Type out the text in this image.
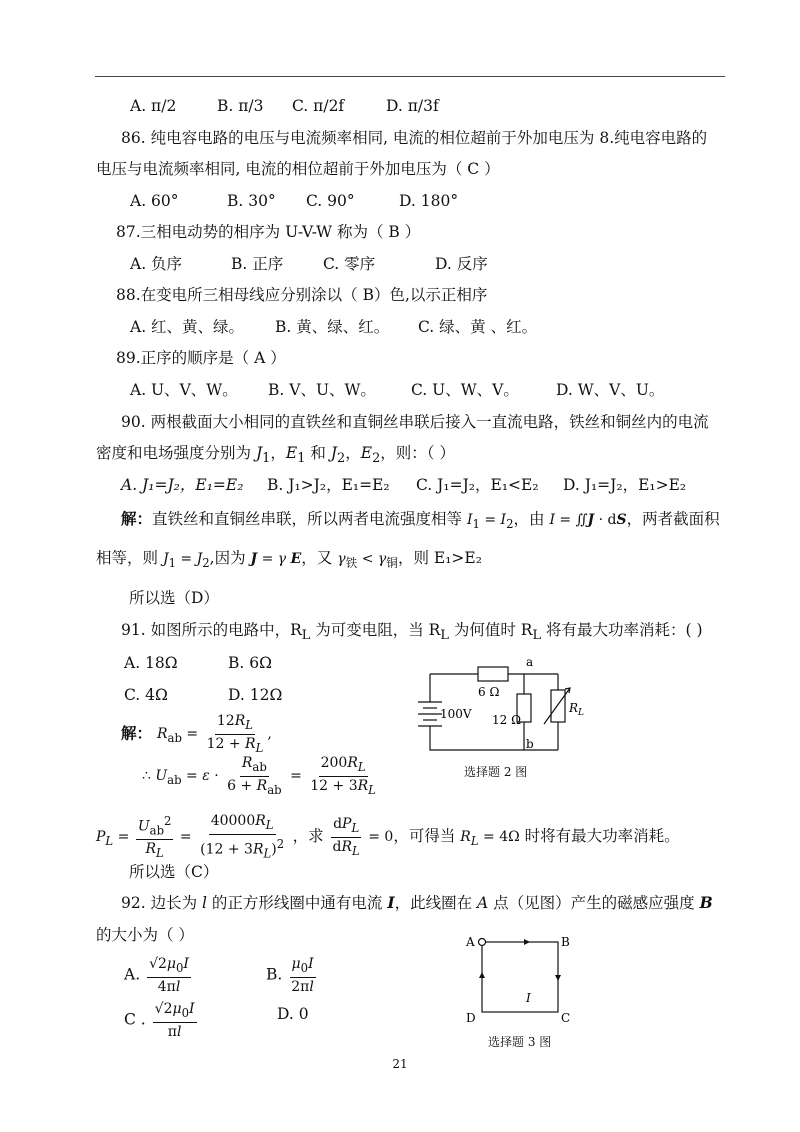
A. π/2	B. π/3 C. π/2f	D. π/3f
86. 纯电容电路的电压与电流频率相同, 电流的相位超前于外加电压为 8.纯电容电路的
电压与电流频率相同, 电流的相位超前于外加电压为（ C ）
A. 60°	B. 30° C. 90°	D. 180°
87.三相电动势的相序为 U-V-W 称为（ B ）
A. 负序	B. 正序	C. 零序	D. 反序
88.在变电所三相母线应分别涂以（ B）色,以示正相序
A. 红、黄、绿。 B. 黄、绿、红。 C. 绿、黄 、红。
89.正序的顺序是（ A ）
A. U、V、W。 B. V、U、W。 C. U、W、V。 D. W、V、U。
90. 两根截面大小相同的直铁丝和直铜丝串联后接入一直流电路，铁丝和铜丝内的电流
密度和电场强度分别为 $J_1$，$E_1$ 和 $J_2$，$E_2$，则：（ ）
A. J₁=J₂，E₁=E₂ B. J₁>J₂，E₁=E₂ C. J₁=J₂，E₁<E₂ D. J₁=J₂，E₁>E₂
解：直铁丝和直铜丝串联，所以两者电流强度相等 $I_1 = I_2$，由 I = ∬J · dS，两者截面积
相等，则 $J_1 = J_2$,因为 J = γ E，又 $\gamma_铁 < \gamma_铜$，则 E₁>E₂
所以选（D）
91. 如图所示的电路中，$R_L$ 为可变电阻，当 $R_L$ 为何值时 $R_L$ 将有最大功率消耗：( )
A. 18Ω	B. 6Ω
C. 4Ω	D. 12Ω
a
b
6 Ω
12 Ω
$R_L$
100V
选择题 2 图
解： $R_{ab} = \frac{12R_L}{12 + R_L}$ ,
∴ $U_{ab} = \varepsilon \cdot \frac{R_{ab}}{6 + R_{ab}} = \frac{200R_L}{12 + 3R_L}$
$P_L = \frac{U_{ab}^2}{R_L} = \frac{40000R_L}{(12 + 3R_L)^2}$ ，求 $\frac{dP_L}{dR_L} = 0$，可得当 $R_L = 4\Omega$ 时将有最大功率消耗。
所以选（C）
92. 边长为 l 的正方形线圈中通有电流 I，此线圈在 A 点（见图）产生的磁感应强度 B
的大小为（ ）
A. $\frac{√2\mu_0I}{4\pi l}$	B. $\frac{\mu_0I}{2\pi l}$
C . $\frac{√2\mu_0I}{\pi l}$	D. 0
A	B
C
D
I
选择题 3 图
21
